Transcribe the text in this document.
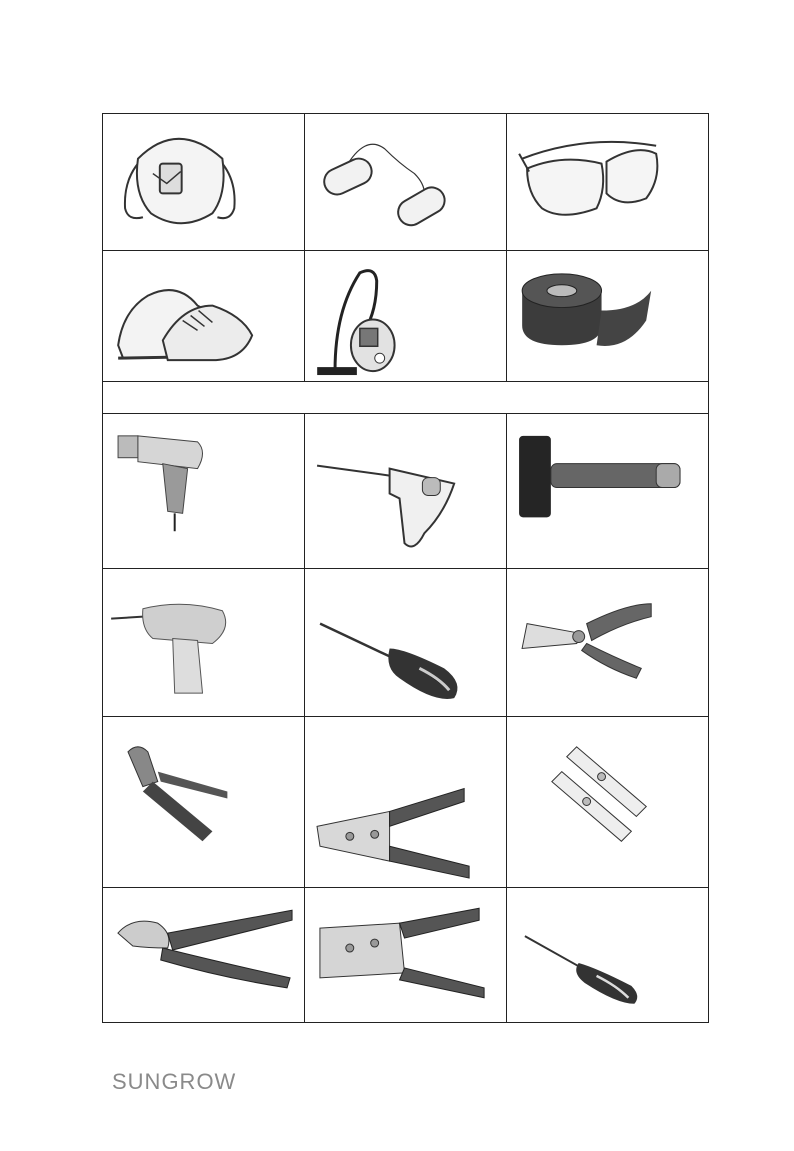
SUNGROW
